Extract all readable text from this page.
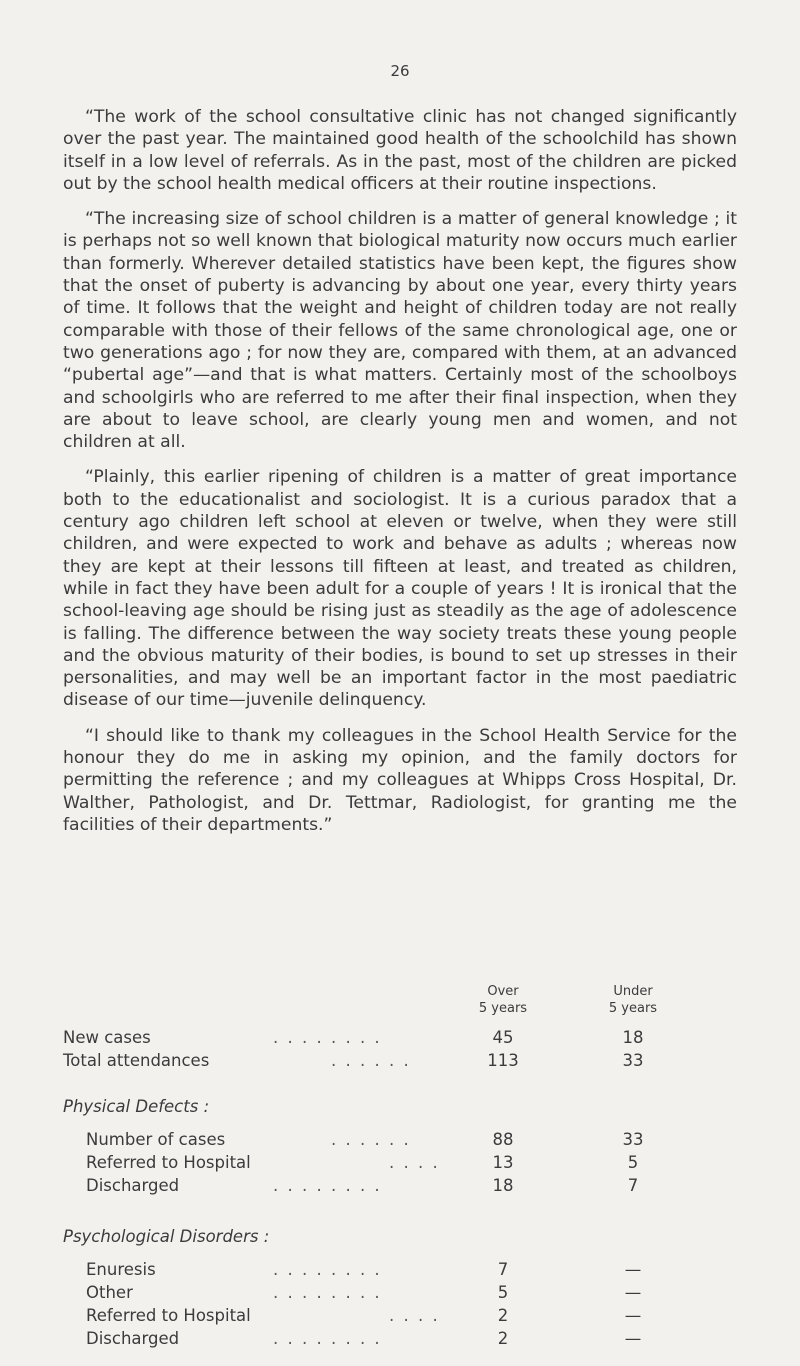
26

“The work of the school consultative clinic has not changed significantly over the past year. The maintained good health of the schoolchild has shown itself in a low level of referrals. As in the past, most of the children are picked out by the school health medical officers at their routine inspections.

“The increasing size of school children is a matter of general knowledge ; it is perhaps not so well known that biological maturity now occurs much earlier than formerly. Wherever detailed statistics have been kept, the figures show that the onset of puberty is advancing by about one year, every thirty years of time. It follows that the weight and height of children today are not really comparable with those of their fellows of the same chronological age, one or two generations ago ; for now they are, compared with them, at an advanced “pubertal age”—and that is what matters. Certainly most of the schoolboys and schoolgirls who are referred to me after their final inspection, when they are about to leave school, are clearly young men and women, and not children at all.

“Plainly, this earlier ripening of children is a matter of great importance both to the educationalist and sociologist. It is a curious paradox that a century ago children left school at eleven or twelve, when they were still children, and were expected to work and behave as adults ; whereas now they are kept at their lessons till fifteen at least, and treated as children, while in fact they have been adult for a couple of years ! It is ironical that the school-leaving age should be rising just as steadily as the age of adolescence is falling. The difference between the way society treats these young people and the obvious maturity of their bodies, is bound to set up stresses in their personalities, and may well be an important factor in the most paediatric disease of our time—juvenile delinquency.

“I should like to thank my colleagues in the School Health Service for the honour they do me in asking my opinion, and the family doctors for permitting the reference ; and my colleagues at Whipps Cross Hospital, Dr. Walther, Pathologist, and Dr. Tettmar, Radiologist, for granting me the facilities of their departments.”

Over
5 years
Under
5 years
New cases	. . . . . . . .	45	18
Total attendances	. . . . . .	113	33
Physical Defects :
Number of cases	. . . . . .	88	33
Referred to Hospital	. . . .	13	5
Discharged	. . . . . . . .	18	7
Psychological Disorders :
Enuresis	. . . . . . . .	7	—
Other	. . . . . . . .	5	—
Referred to Hospital	. . . .	2	—
Discharged	. . . . . . . .	2	—
